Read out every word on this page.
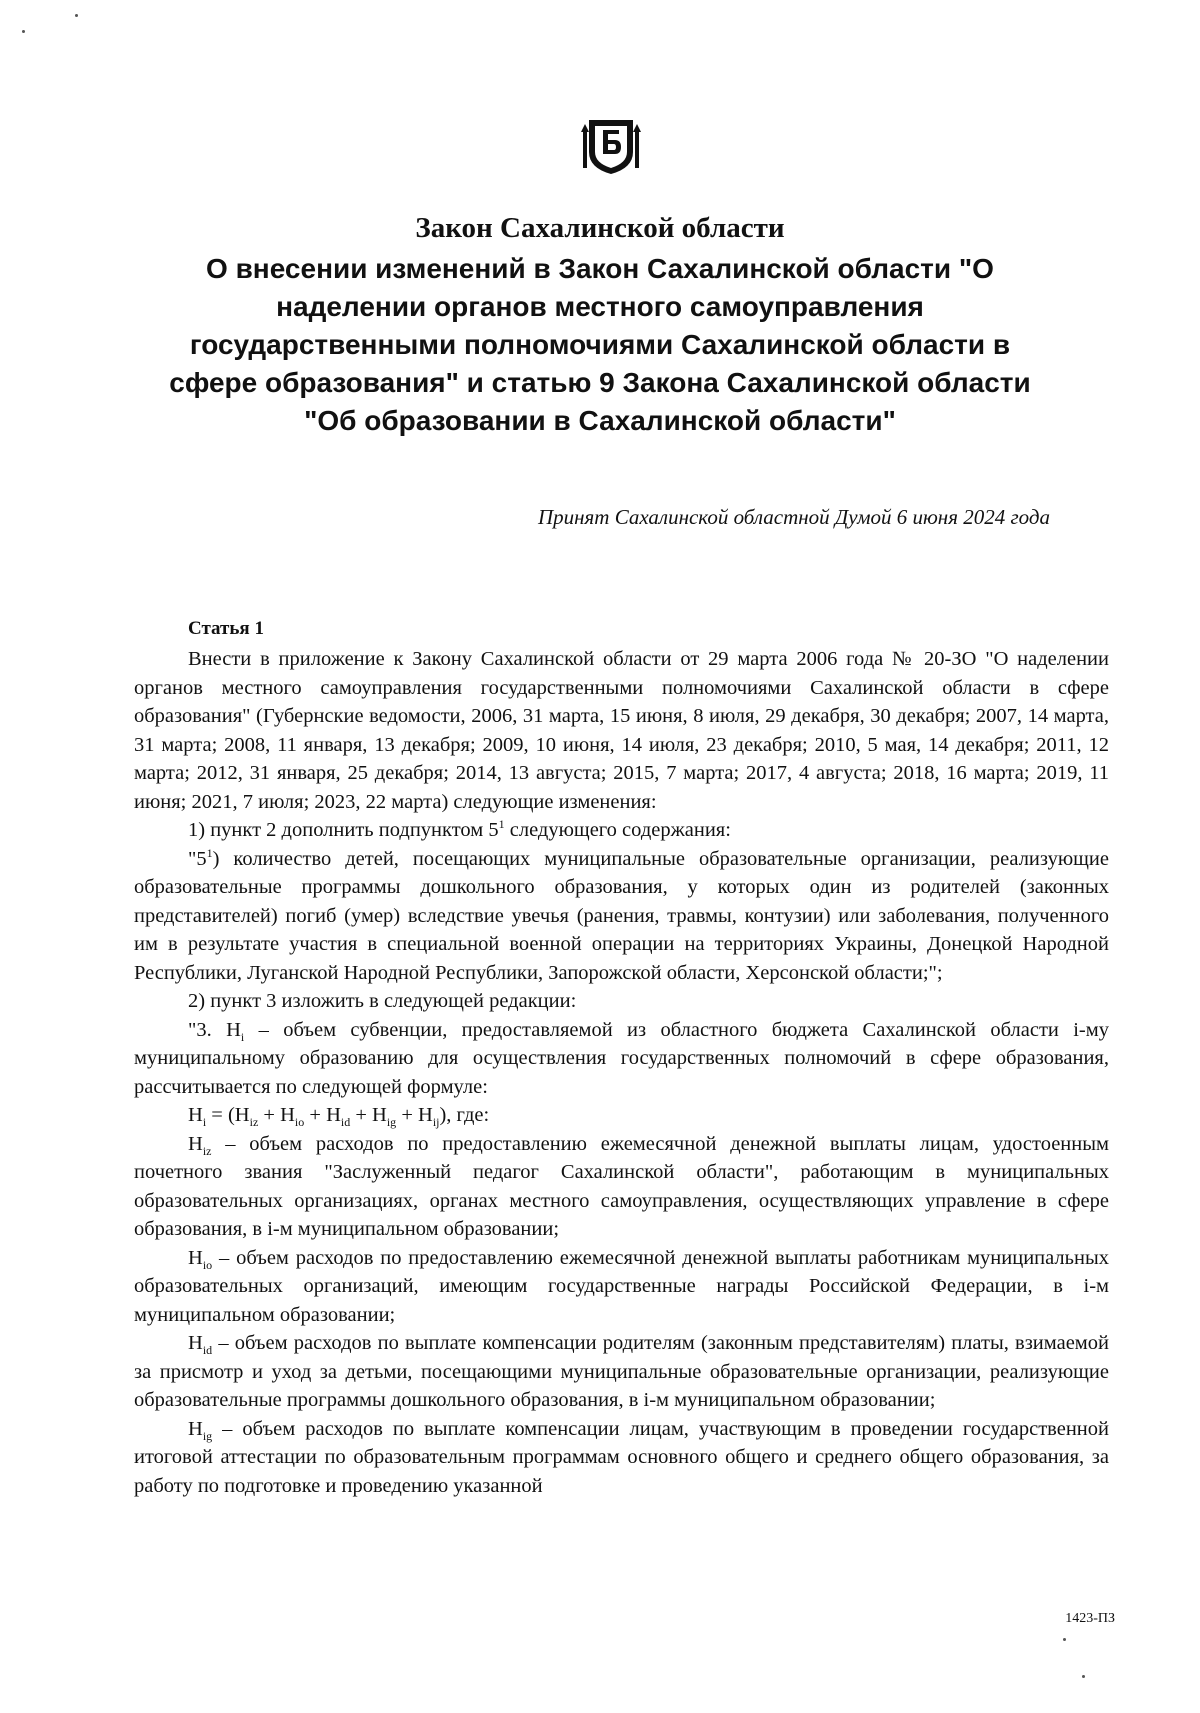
Закон Сахалинской области
О внесении изменений в Закон Сахалинской области "О наделении органов местного самоуправления государственными полномочиями Сахалинской области в сфере образования" и статью 9 Закона Сахалинской области "Об образовании в Сахалинской области"
Принят Сахалинской областной Думой 6 июня 2024 года
Статья 1

Внести в приложение к Закону Сахалинской области от 29 марта 2006 года № 20-ЗО "О наделении органов местного самоуправления государственными полномочиями Сахалинской области в сфере образования" (Губернские ведомости, 2006, 31 марта, 15 июня, 8 июля, 29 декабря, 30 декабря; 2007, 14 марта, 31 марта; 2008, 11 января, 13 декабря; 2009, 10 июня, 14 июля, 23 декабря; 2010, 5 мая, 14 декабря; 2011, 12 марта; 2012, 31 января, 25 декабря; 2014, 13 августа; 2015, 7 марта; 2017, 4 августа; 2018, 16 марта; 2019, 11 июня; 2021, 7 июля; 2023, 22 марта) следующие изменения:

1) пункт 2 дополнить подпунктом $5^1$ следующего содержания:

"$5^1$) количество детей, посещающих муниципальные образовательные организации, реализующие образовательные программы дошкольного образования, у которых один из родителей (законных представителей) погиб (умер) вследствие увечья (ранения, травмы, контузии) или заболевания, полученного им в результате участия в специальной военной операции на территориях Украины, Донецкой Народной Республики, Луганской Народной Республики, Запорожской области, Херсонской области;";

2) пункт 3 изложить в следующей редакции:

"3. $Н_i$ – объем субвенции, предоставляемой из областного бюджета Сахалинской области i-му муниципальному образованию для осуществления государственных полномочий в сфере образования, рассчитывается по следующей формуле:

$Н_i = (Н_{iz} + Н_{io} + Н_{id} + Н_{ig} + Н_{ij})$, где:

$Н_{iz}$ – объем расходов по предоставлению ежемесячной денежной выплаты лицам, удостоенным почетного звания "Заслуженный педагог Сахалинской области", работающим в муниципальных образовательных организациях, органах местного самоуправления, осуществляющих управление в сфере образования, в i-м муниципальном образовании;

$Н_{io}$ – объем расходов по предоставлению ежемесячной денежной выплаты работникам муниципальных образовательных организаций, имеющим государственные награды Российской Федерации, в i-м муниципальном образовании;

$Н_{id}$ – объем расходов по выплате компенсации родителям (законным представителям) платы, взимаемой за присмотр и уход за детьми, посещающими муниципальные образовательные организации, реализующие образовательные программы дошкольного образования, в i-м муниципальном образовании;

$Н_{ig}$ – объем расходов по выплате компенсации лицам, участвующим в проведении государственной итоговой аттестации по образовательным программам основного общего и среднего общего образования, за работу по подготовке и проведению указанной

1423-ПЗ
